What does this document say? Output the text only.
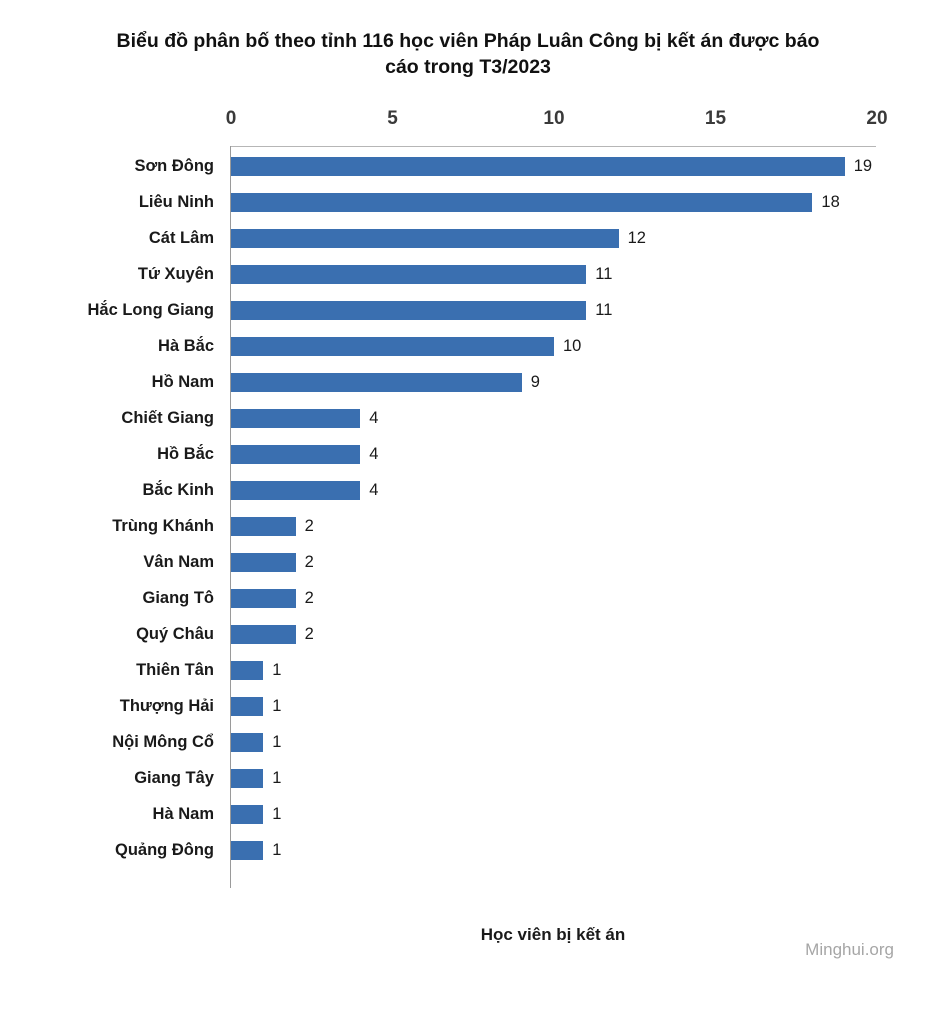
Biểu đồ phân bố theo tỉnh 116 học viên Pháp Luân Công bị kết án được báo cáo trong T3/2023
0	5	10	15	20
Sơn Đông	19
Liêu Ninh	18
Cát Lâm	12
Tứ Xuyên	11
Hắc Long Giang	11
Hà Bắc	10
Hồ Nam	9
Chiết Giang	4
Hồ Bắc	4
Bắc Kinh	4
Trùng Khánh	2
Vân Nam	2
Giang Tô	2
Quý Châu	2
Thiên Tân	1
Thượng Hải	1
Nội Mông Cổ	1
Giang Tây	1
Hà Nam	1
Quảng Đông	1
Học viên bị kết án
Minghui.org
